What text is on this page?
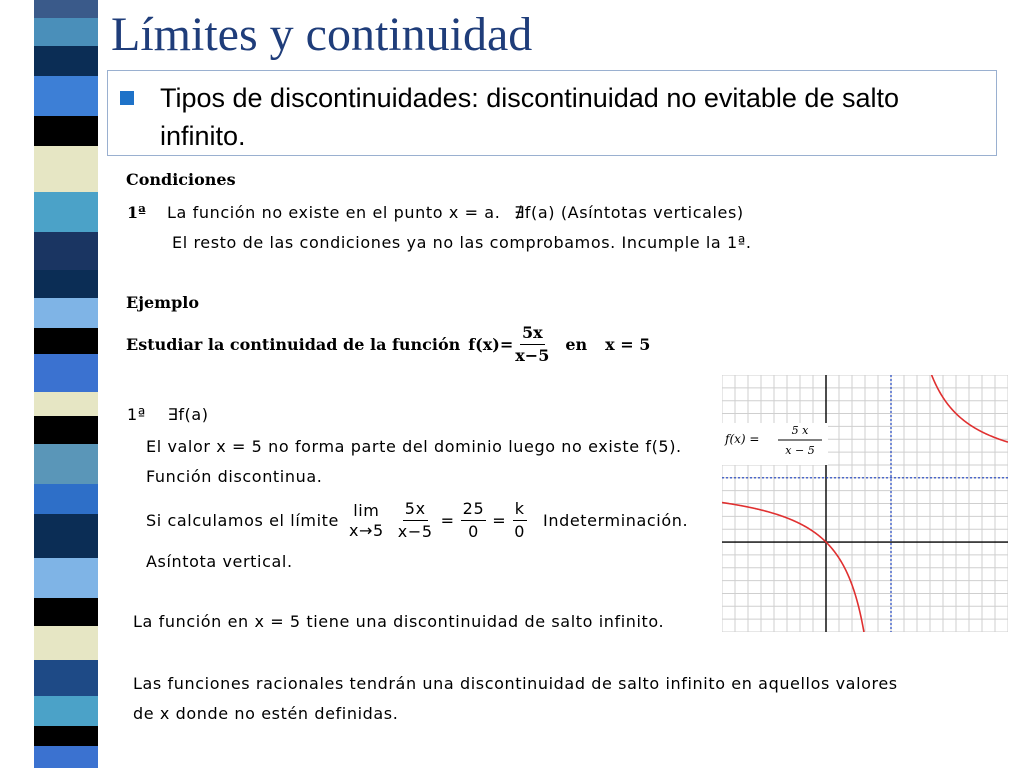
Límites y continuidad
Tipos de discontinuidades: discontinuidad no evitable de salto infinito.
Condiciones
1ª La función no existe en el punto x = a. ∄f(a) (Asíntotas verticales)
El resto de las condiciones ya no las comprobamos. Incumple la 1ª.
Ejemplo
Estudiar la continuidad de la función $f(x)= \frac{5x}{x-5}$ en x = 5
1ª ∃f(a)
El valor x = 5 no forma parte del dominio luego no existe f(5).
Función discontinua.
Si calculamos el límite
lim
$x\to 5 \frac{5x}{x-5} = \frac{25}{0} = \frac{k}{0}$ Indeterminación.
Asíntota vertical.
La función en x = 5 tiene una discontinuidad de salto infinito.
Las funciones racionales tendrán una discontinuidad de salto infinito en aquellos valores
de x donde no estén definidas.
f(x) =
5 x
x − 5
